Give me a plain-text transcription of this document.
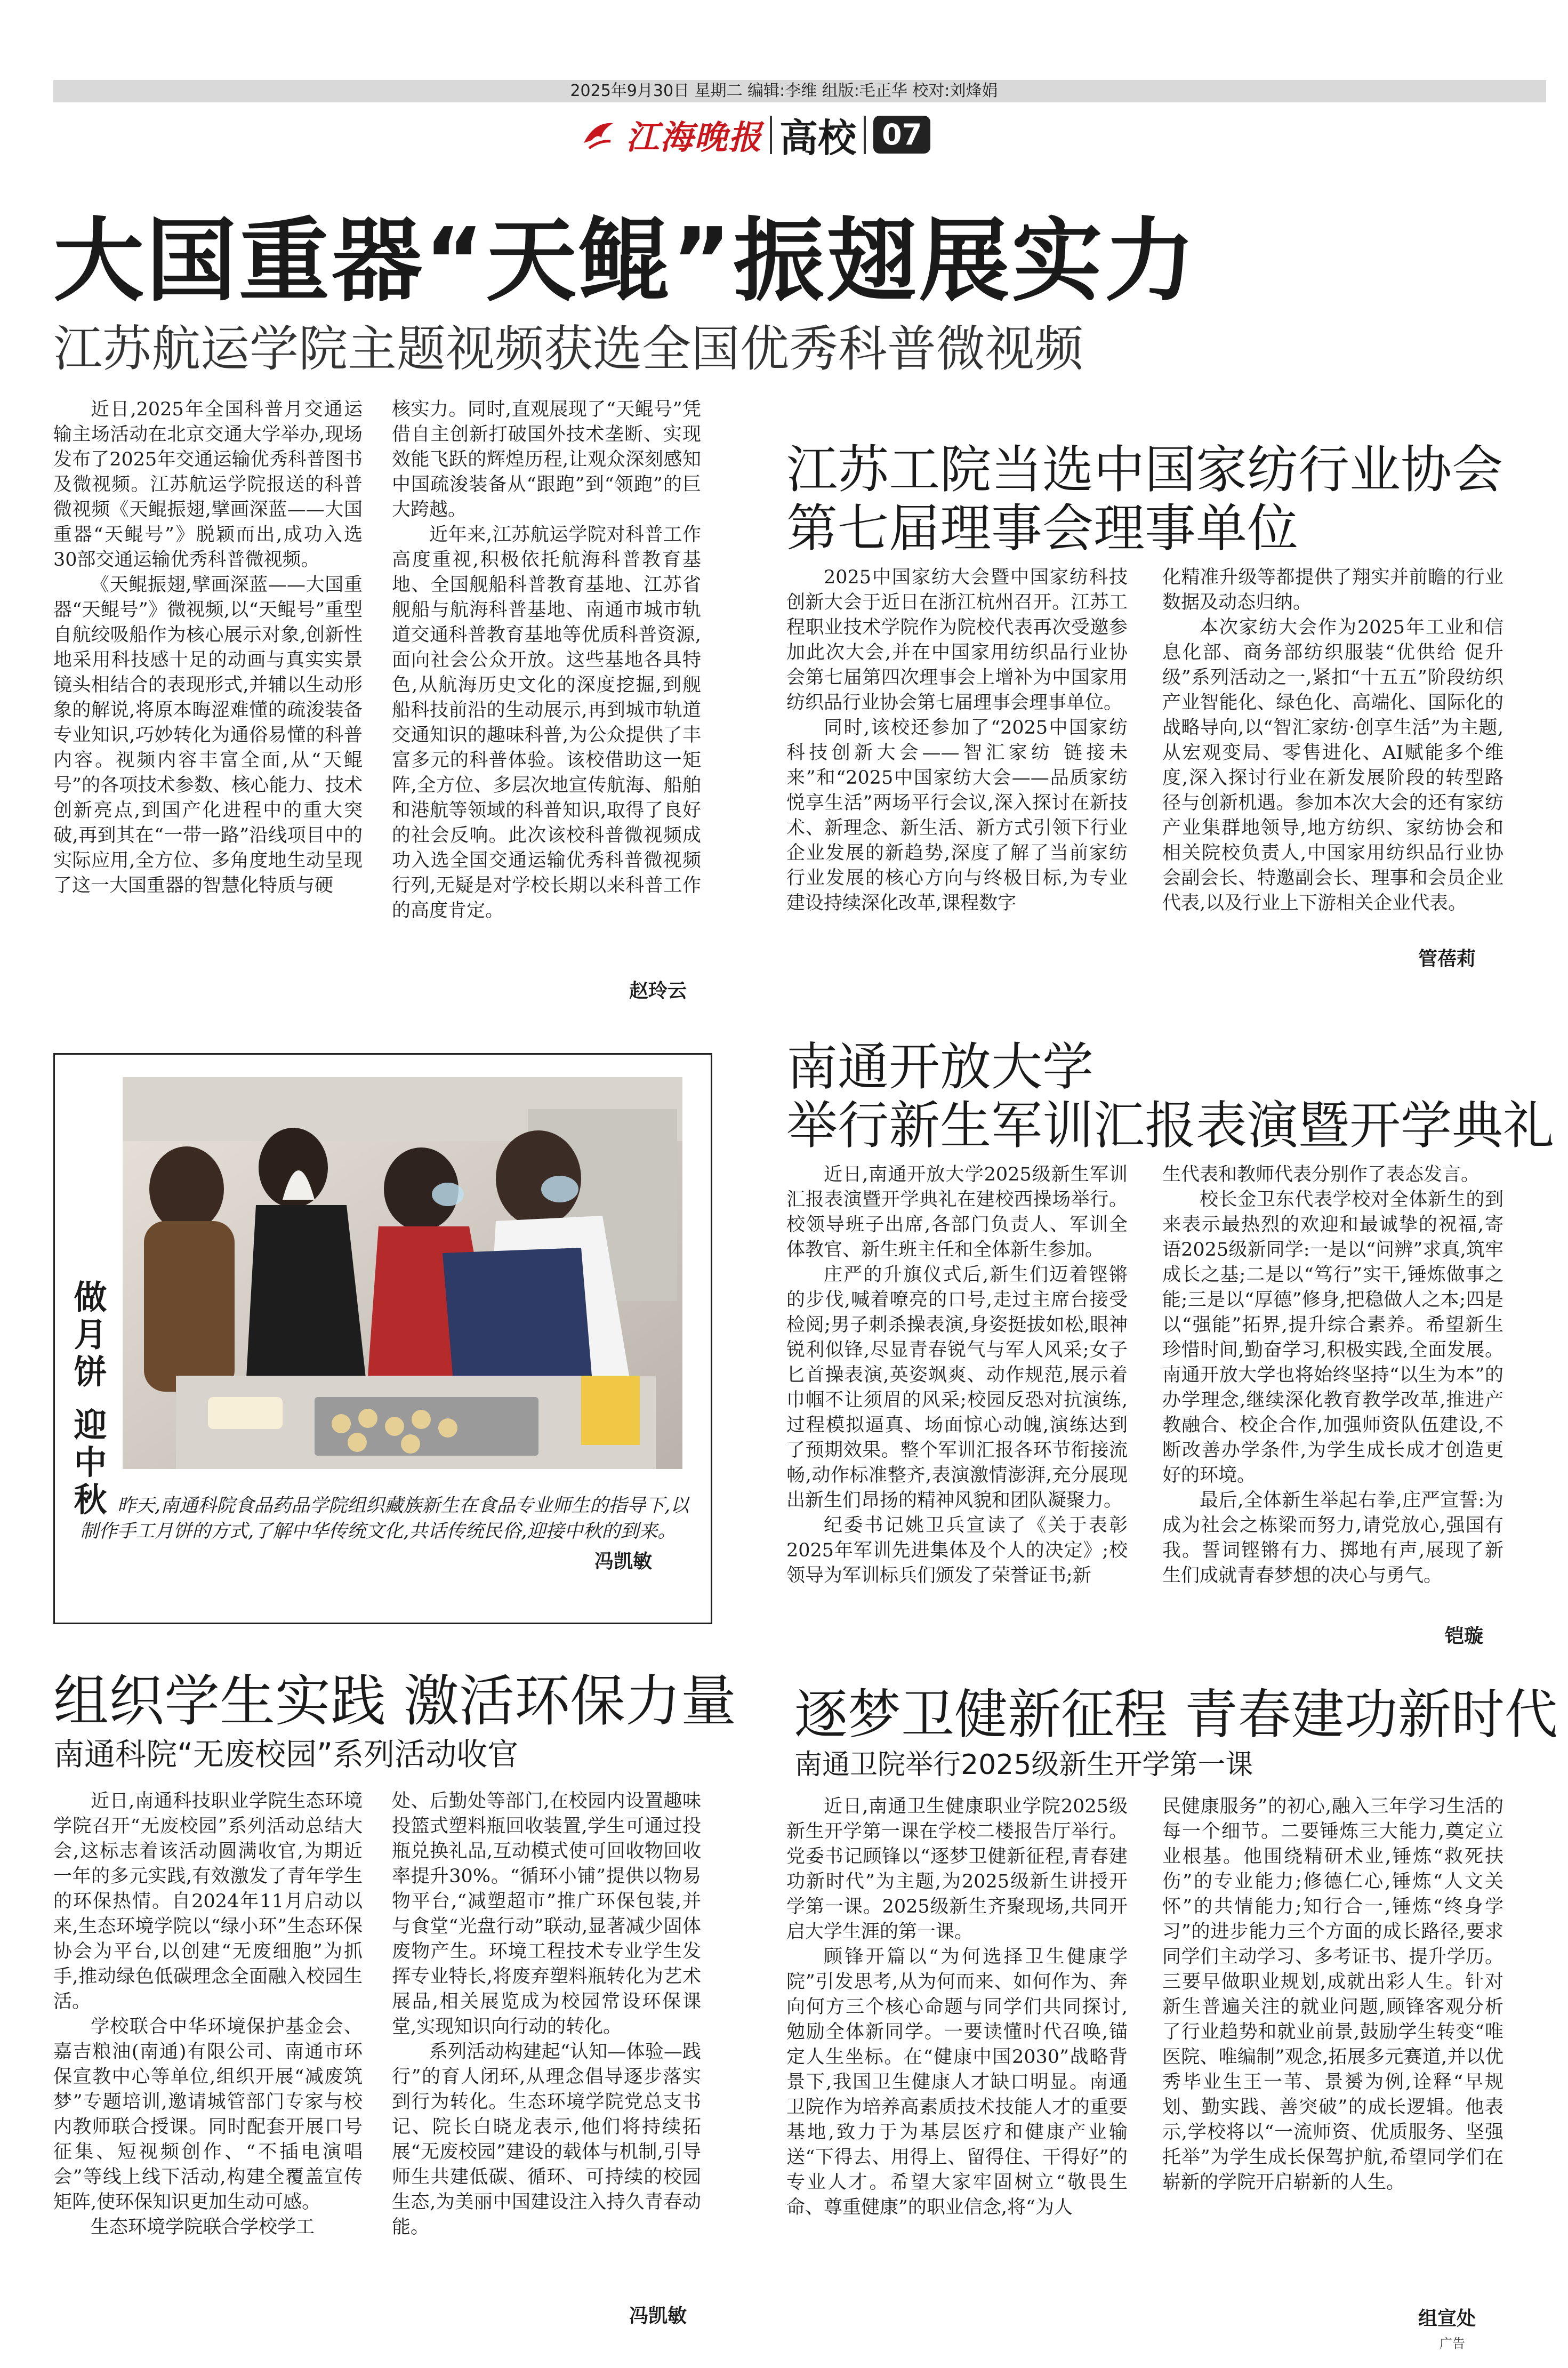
2025年9月30日 星期二 编辑:李维 组版:毛正华 校对:刘烽娟
江海晚报 高校 07
大国重器“天鲲”振翅展实力
江苏航运学院主题视频获选全国优秀科普微视频

近日,2025年全国科普月交通运输主场活动在北京交通大学举办,现场发布了2025年交通运输优秀科普图书及微视频。江苏航运学院报送的科普微视频《天鲲振翅,擘画深蓝——大国重器“天鲲号”》脱颖而出,成功入选30部交通运输优秀科普微视频。

《天鲲振翅,擘画深蓝——大国重器“天鲲号”》微视频,以“天鲲号”重型自航绞吸船作为核心展示对象,创新性地采用科技感十足的动画与真实实景镜头相结合的表现形式,并辅以生动形象的解说,将原本晦涩难懂的疏浚装备专业知识,巧妙转化为通俗易懂的科普内容。视频内容丰富全面,从“天鲲号”的各项技术参数、核心能力、技术创新亮点,到国产化进程中的重大突破,再到其在“一带一路”沿线项目中的实际应用,全方位、多角度地生动呈现了这一大国重器的智慧化特质与硬

核实力。同时,直观展现了“天鲲号”凭借自主创新打破国外技术垄断、实现效能飞跃的辉煌历程,让观众深刻感知中国疏浚装备从“跟跑”到“领跑”的巨大跨越。

近年来,江苏航运学院对科普工作高度重视,积极依托航海科普教育基地、全国舰船科普教育基地、江苏省舰船与航海科普基地、南通市城市轨道交通科普教育基地等优质科普资源,面向社会公众开放。这些基地各具特色,从航海历史文化的深度挖掘,到舰船科技前沿的生动展示,再到城市轨道交通知识的趣味科普,为公众提供了丰富多元的科普体验。该校借助这一矩阵,全方位、多层次地宣传航海、船舶和港航等领域的科普知识,取得了良好的社会反响。此次该校科普微视频成功入选全国交通运输优秀科普微视频行列,无疑是对学校长期以来科普工作的高度肯定。

赵玲云
江苏工院当选中国家纺行业协会
第七届理事会理事单位

2025中国家纺大会暨中国家纺科技创新大会于近日在浙江杭州召开。江苏工程职业技术学院作为院校代表再次受邀参加此次大会,并在中国家用纺织品行业协会第七届第四次理事会上增补为中国家用纺织品行业协会第七届理事会理事单位。

同时,该校还参加了“2025中国家纺科技创新大会——智汇家纺 链接未来”和“2025中国家纺大会——品质家纺 悦享生活”两场平行会议,深入探讨在新技术、新理念、新生活、新方式引领下行业企业发展的新趋势,深度了解了当前家纺行业发展的核心方向与终极目标,为专业建设持续深化改革,课程数字

化精准升级等都提供了翔实并前瞻的行业数据及动态归纳。

本次家纺大会作为2025年工业和信息化部、商务部纺织服装“优供给 促升级”系列活动之一,紧扣“十五五”阶段纺织产业智能化、绿色化、高端化、国际化的战略导向,以“智汇家纺·创享生活”为主题,从宏观变局、零售进化、AI赋能多个维度,深入探讨行业在新发展阶段的转型路径与创新机遇。参加本次大会的还有家纺产业集群地领导,地方纺织、家纺协会和相关院校负责人,中国家用纺织品行业协会副会长、特邀副会长、理事和会员企业代表,以及行业上下游相关企业代表。

管蓓莉
做月饼 迎中秋 昨天,南通科院食品药品学院组织藏族新生在食品专业师生的指导下,以制作手工月饼的方式,了解中华传统文化,共话传统民俗,迎接中秋的到来。
冯凯敏
南通开放大学
举行新生军训汇报表演暨开学典礼

近日,南通开放大学2025级新生军训汇报表演暨开学典礼在建校西操场举行。校领导班子出席,各部门负责人、军训全体教官、新生班主任和全体新生参加。

庄严的升旗仪式后,新生们迈着铿锵的步伐,喊着嘹亮的口号,走过主席台接受检阅;男子刺杀操表演,身姿挺拔如松,眼神锐利似锋,尽显青春锐气与军人风采;女子匕首操表演,英姿飒爽、动作规范,展示着巾帼不让须眉的风采;校园反恐对抗演练,过程模拟逼真、场面惊心动魄,演练达到了预期效果。整个军训汇报各环节衔接流畅,动作标准整齐,表演激情澎湃,充分展现出新生们昂扬的精神风貌和团队凝聚力。

纪委书记姚卫兵宣读了《关于表彰2025年军训先进集体及个人的决定》;校领导为军训标兵们颁发了荣誉证书;新

生代表和教师代表分别作了表态发言。

校长金卫东代表学校对全体新生的到来表示最热烈的欢迎和最诚挚的祝福,寄语2025级新同学:一是以“问辨”求真,筑牢成长之基;二是以“笃行”实干,锤炼做事之能;三是以“厚德”修身,把稳做人之本;四是以“强能”拓界,提升综合素养。希望新生珍惜时间,勤奋学习,积极实践,全面发展。南通开放大学也将始终坚持“以生为本”的办学理念,继续深化教育教学改革,推进产教融合、校企合作,加强师资队伍建设,不断改善办学条件,为学生成长成才创造更好的环境。

最后,全体新生举起右拳,庄严宣誓:为成为社会之栋梁而努力,请党放心,强国有我。誓词铿锵有力、掷地有声,展现了新生们成就青春梦想的决心与勇气。

铠璇
组织学生实践 激活环保力量
南通科院“无废校园”系列活动收官

近日,南通科技职业学院生态环境学院召开“无废校园”系列活动总结大会,这标志着该活动圆满收官,为期近一年的多元实践,有效激发了青年学生的环保热情。自2024年11月启动以来,生态环境学院以“绿小环”生态环保协会为平台,以创建“无废细胞”为抓手,推动绿色低碳理念全面融入校园生活。

学校联合中华环境保护基金会、嘉吉粮油(南通)有限公司、南通市环保宣教中心等单位,组织开展“减废筑梦”专题培训,邀请城管部门专家与校内教师联合授课。同时配套开展口号征集、短视频创作、“不插电演唱会”等线上线下活动,构建全覆盖宣传矩阵,使环保知识更加生动可感。

生态环境学院联合学校学工

处、后勤处等部门,在校园内设置趣味投篮式塑料瓶回收装置,学生可通过投瓶兑换礼品,互动模式使可回收物回收率提升30%。“循环小铺”提供以物易物平台,“减塑超市”推广环保包装,并与食堂“光盘行动”联动,显著减少固体废物产生。环境工程技术专业学生发挥专业特长,将废弃塑料瓶转化为艺术展品,相关展览成为校园常设环保课堂,实现知识向行动的转化。

系列活动构建起“认知—体验—践行”的育人闭环,从理念倡导逐步落实到行为转化。生态环境学院党总支书记、院长白晓龙表示,他们将持续拓展“无废校园”建设的载体与机制,引导师生共建低碳、循环、可持续的校园生态,为美丽中国建设注入持久青春动能。

冯凯敏
逐梦卫健新征程 青春建功新时代
南通卫院举行2025级新生开学第一课

近日,南通卫生健康职业学院2025级新生开学第一课在学校二楼报告厅举行。党委书记顾锋以“逐梦卫健新征程,青春建功新时代”为主题,为2025级新生讲授开学第一课。2025级新生齐聚现场,共同开启大学生涯的第一课。

顾锋开篇以“为何选择卫生健康学院”引发思考,从为何而来、如何作为、奔向何方三个核心命题与同学们共同探讨,勉励全体新同学。一要读懂时代召唤,锚定人生坐标。在“健康中国2030”战略背景下,我国卫生健康人才缺口明显。南通卫院作为培养高素质技术技能人才的重要基地,致力于为基层医疗和健康产业输送“下得去、用得上、留得住、干得好”的专业人才。希望大家牢固树立“敬畏生命、尊重健康”的职业信念,将“为人

民健康服务”的初心,融入三年学习生活的每一个细节。二要锤炼三大能力,奠定立业根基。他围绕精研术业,锤炼“救死扶伤”的专业能力;修德仁心,锤炼“人文关怀”的共情能力;知行合一,锤炼“终身学习”的进步能力三个方面的成长路径,要求同学们主动学习、多考证书、提升学历。三要早做职业规划,成就出彩人生。针对新生普遍关注的就业问题,顾锋客观分析了行业趋势和就业前景,鼓励学生转变“唯医院、唯编制”观念,拓展多元赛道,并以优秀毕业生王一苇、景赟为例,诠释“早规划、勤实践、善突破”的成长逻辑。他表示,学校将以“一流师资、优质服务、坚强托举”为学生成长保驾护航,希望同学们在崭新的学院开启崭新的人生。

组宣处
广告
